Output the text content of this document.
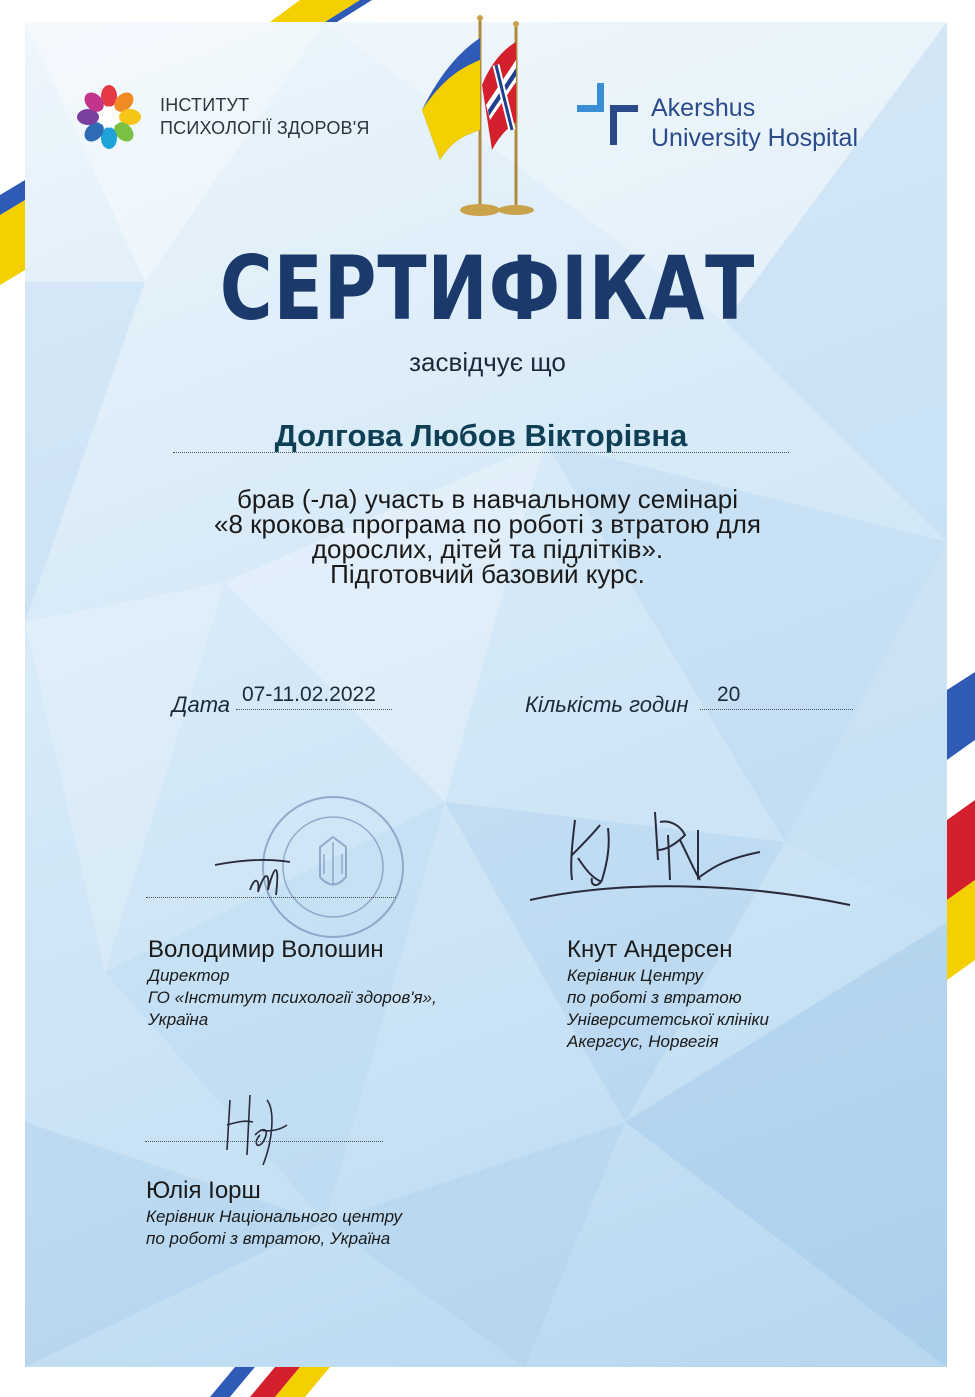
ІНСТИТУТ
ПСИХОЛОГІЇ ЗДОРОВ'Я
Akershus
University Hospital
СЕРТИФІКАТ
засвідчує що
Долгова Любов Вікторівна
брав (-ла) участь в навчальному семінарі
«8 крокова програма по роботі з втратою для
дорослих, дітей та підлітків».
Підготовчий базовий курс.
Дата 07-11.02.2022	Кількість годин 20
Володимир Волошин
Директор
ГО «Інститут психології здоров'я»,
Україна
Кнут Андерсен
Керівник Центру
по роботі з втратою
Університетської клініки
Акергсус, Норвегія
Юлія Іорш
Керівник Національного центру
по роботі з втратою, Україна
